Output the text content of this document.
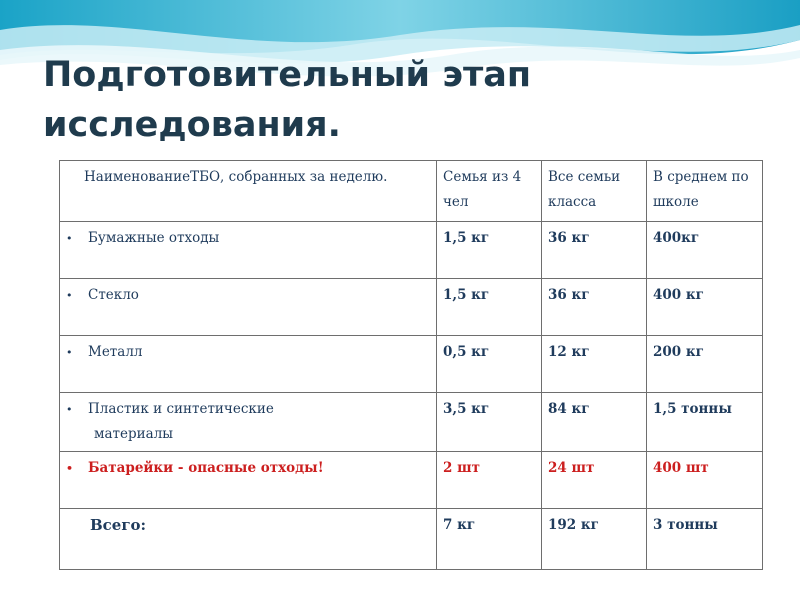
Подготовительный этап
исследования.
НаименованиеТБО, собранных за неделю.	Семья из 4 чел	Все семьи класса	В среднем по школе
• Бумажные отходы	1,5 кг	36 кг	400кг
• Стекло	1,5 кг	36 кг	400 кг
• Металл	0,5 кг	12 кг	200 кг
• Пластик и синтетические
материалы	3,5 кг	84 кг	1,5 тонны
• Батарейки - опасные отходы!	2 шт	24 шт	400 шт
Всего:	7 кг	192 кг	3 тонны
